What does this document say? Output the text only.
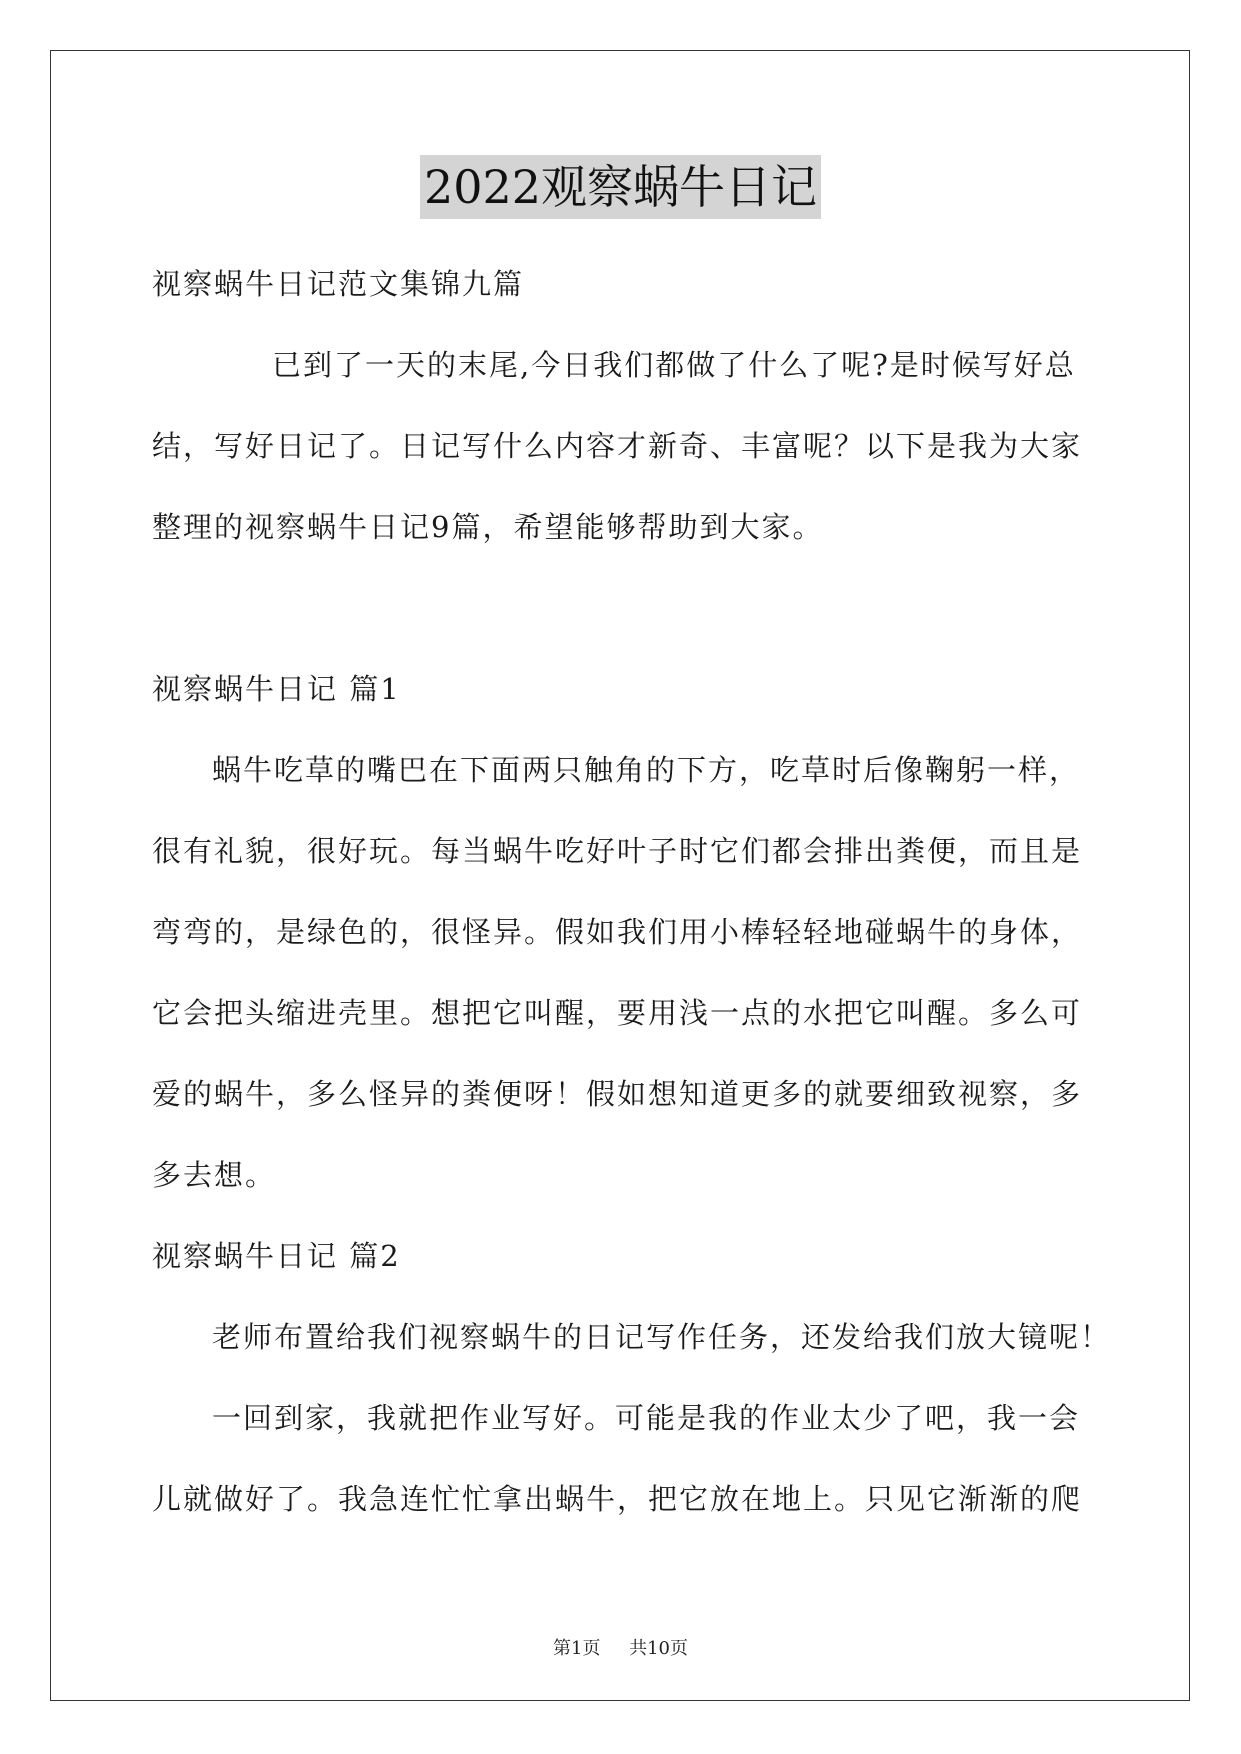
2022观察蜗牛日记
视察蜗牛日记范文集锦九篇
已到了一天的末尾,今日我们都做了什么了呢?是时候写好总
结，写好日记了。日记写什么内容才新奇、丰富呢？以下是我为大家
整理的视察蜗牛日记9篇，希望能够帮助到大家。
视察蜗牛日记 篇1
蜗牛吃草的嘴巴在下面两只触角的下方，吃草时后像鞠躬一样，
很有礼貌，很好玩。每当蜗牛吃好叶子时它们都会排出粪便，而且是
弯弯的，是绿色的，很怪异。假如我们用小棒轻轻地碰蜗牛的身体，
它会把头缩进壳里。想把它叫醒，要用浅一点的水把它叫醒。多么可
爱的蜗牛，多么怪异的粪便呀！假如想知道更多的就要细致视察，多
多去想。
视察蜗牛日记 篇2
老师布置给我们视察蜗牛的日记写作任务，还发给我们放大镜呢！
一回到家，我就把作业写好。可能是我的作业太少了吧，我一会
儿就做好了。我急连忙忙拿出蜗牛，把它放在地上。只见它渐渐的爬
第1页 共10页
